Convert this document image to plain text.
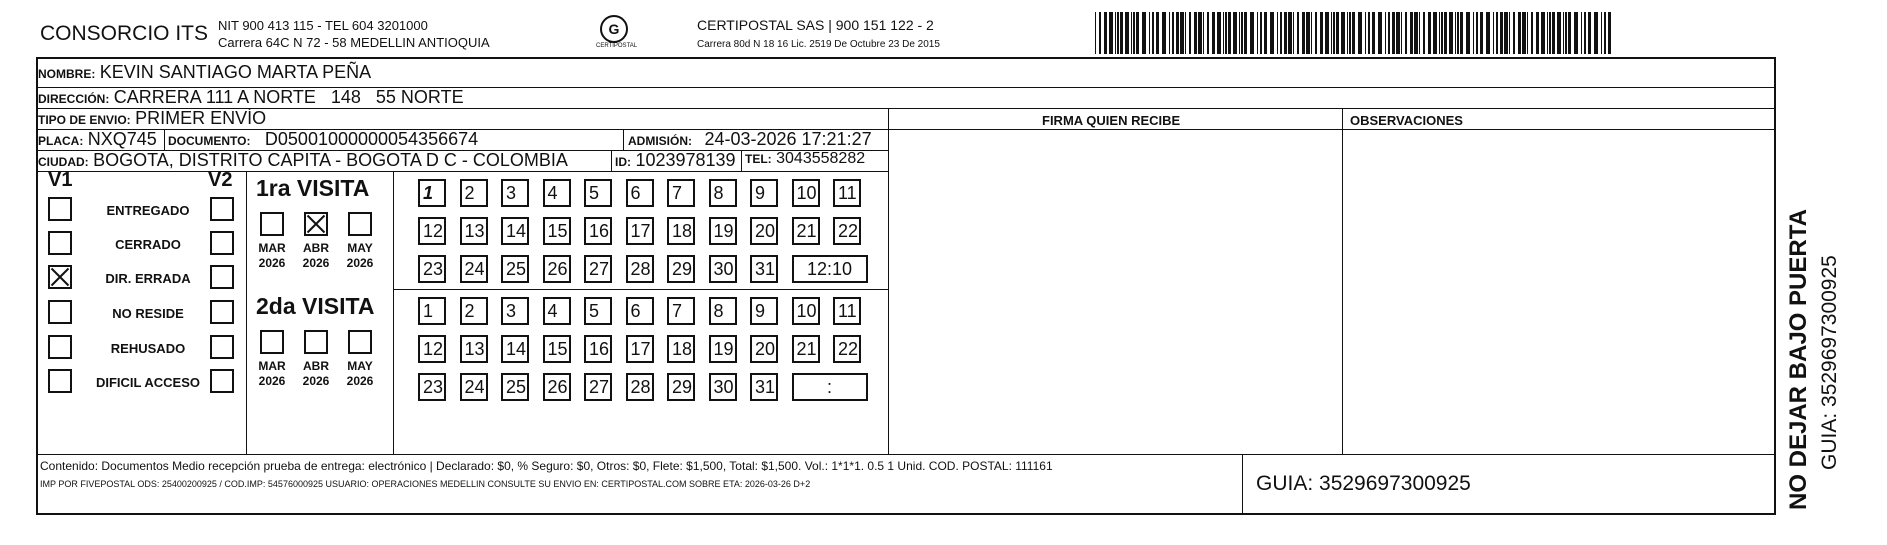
CONSORCIO ITS NIT 900 413 115 - TEL 604 3201000
Carrera 64C N 72 - 58 MEDELLIN ANTIOQUIA
G
CERTIPOSTAL
CERTIPOSTAL SAS | 900 151 122 - 2
Carrera 80d N 18 16 Lic. 2519 De Octubre 23 De 2015
NOMBRE: KEVIN SANTIAGO MARTA PEÑA
DIRECCIÓN: CARRERA 111 A NORTE   148   55 NORTE
TIPO DE ENVIO: PRIMER ENVÍO	FIRMA QUIEN RECIBE	OBSERVACIONES
PLACA: NXQ745 DOCUMENTO: D05001000000054356674	ADMISIÓN: 24-03-2026 17:21:27
CIUDAD: BOGOTA, DISTRITO CAPITA - BOGOTA D C - COLOMBIA	ID: 1023978139 TEL: 3043558282
V1	V2
ENTREGADO
CERRADO
DIR. ERRADA
NO RESIDE
REHUSADO
DIFICIL ACCESO
1ra VISITA
MAR
2026
ABR
2026
MAY
2026
1	2	3	4	5	6	7	8	9	10 11
12 13 14 15 16 17 18 19 20 21 22
23 24 25 26 27 28 29 30 31	12:10
2da VISITA
MAR
2026
ABR
2026
MAY
2026
1	2	3	4	5	6	7	8	9	10 11
12 13 14 15 16 17 18 19 20 21 22
23 24 25 26 27 28 29 30 31	:
Contenido: Documentos Medio recepción prueba de entrega: electrónico | Declarado: $0, % Seguro: $0, Otros: $0, Flete: $1,500, Total: $1,500. Vol.: 1*1*1. 0.5 1 Unid. COD. POSTAL: 111161
IMP POR FIVEPOSTAL ODS: 25400200925 / COD.IMP: 54576000925 USUARIO: OPERACIONES MEDELLIN CONSULTE SU ENVIO EN: CERTIPOSTAL.COM SOBRE ETA: 2026-03-26 D+2	GUIA: 3529697300925	NO DEJAR BAJO PUERTA GUIA: 3529697300925
